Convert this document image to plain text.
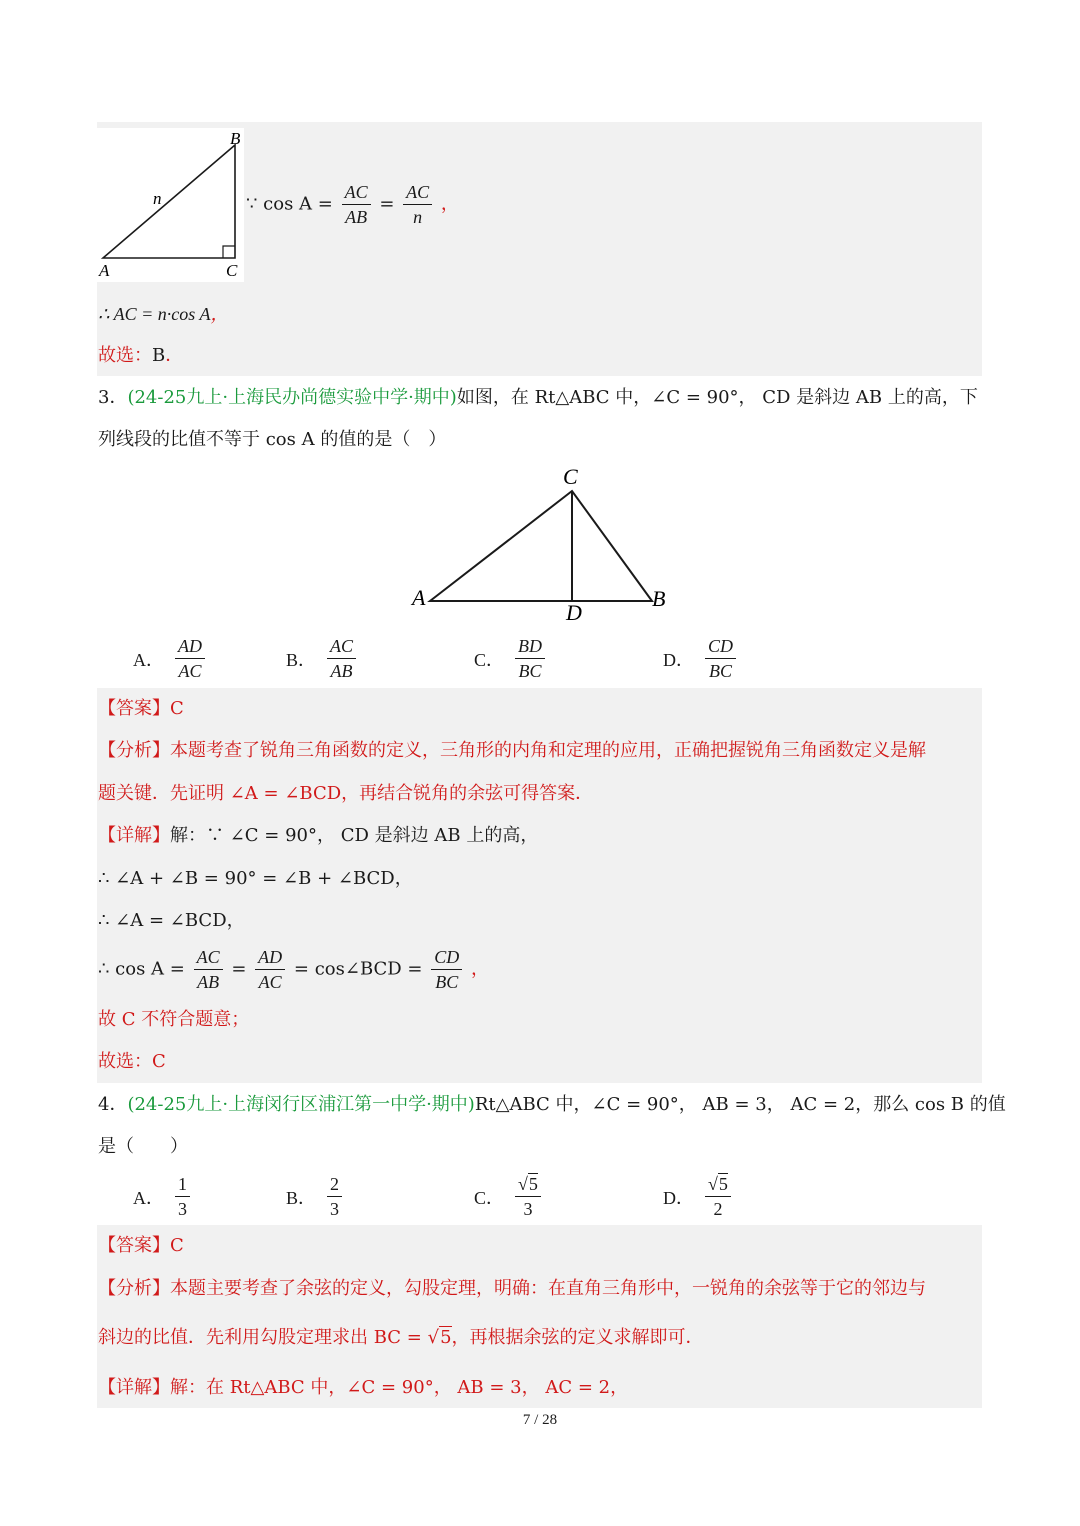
B
n
A	C
∵ $\cos A = \frac{AC}{AB} = \frac{AC}{n}$ ，
∴ AC = n·cos A，
故选：B．
3．(24-25九上·上海民办尚德实验中学·期中)如图，在 Rt△ABC 中，∠C = 90°， CD 是斜边 AB 上的高，下
列线段的比值不等于 cos A 的值的是（　）
C
A	B
D
A． $\frac{AD}{AC}$	B． $\frac{AC}{AB}$	C． $\frac{BD}{BC}$	D． $\frac{CD}{BC}$
【答案】C
【分析】本题考查了锐角三角函数的定义，三角形的内角和定理的应用，正确把握锐角三角函数定义是解
题关键．先证明 ∠A = ∠BCD，再结合锐角的余弦可得答案．
【详解】解：∵ ∠C = 90°， CD 是斜边 AB 上的高，
∴ ∠A + ∠B = 90° = ∠B + ∠BCD，
∴ ∠A = ∠BCD，
∴ $\cos A = \frac{AC}{AB} = \frac{AD}{AC}$ = cos∠BCD = $\frac{CD}{BC}$ ，
故 C 不符合题意；
故选：C
4．(24-25九上·上海闵行区浦江第一中学·期中)Rt△ABC 中，∠C = 90°， AB = 3， AC = 2，那么 cos B 的值
是（　　）
A． $\frac{1}{3}$	B． $\frac{2}{3}$	C． $\frac{√5}{3}$	D． $\frac{√5}{2}$
【答案】C
【分析】本题主要考查了余弦的定义，勾股定理，明确：在直角三角形中，一锐角的余弦等于它的邻边与
斜边的比值．先利用勾股定理求出 BC = √5，再根据余弦的定义求解即可．
【详解】解：在 Rt△ABC 中，∠C = 90°， AB = 3， AC = 2，
7 / 28
